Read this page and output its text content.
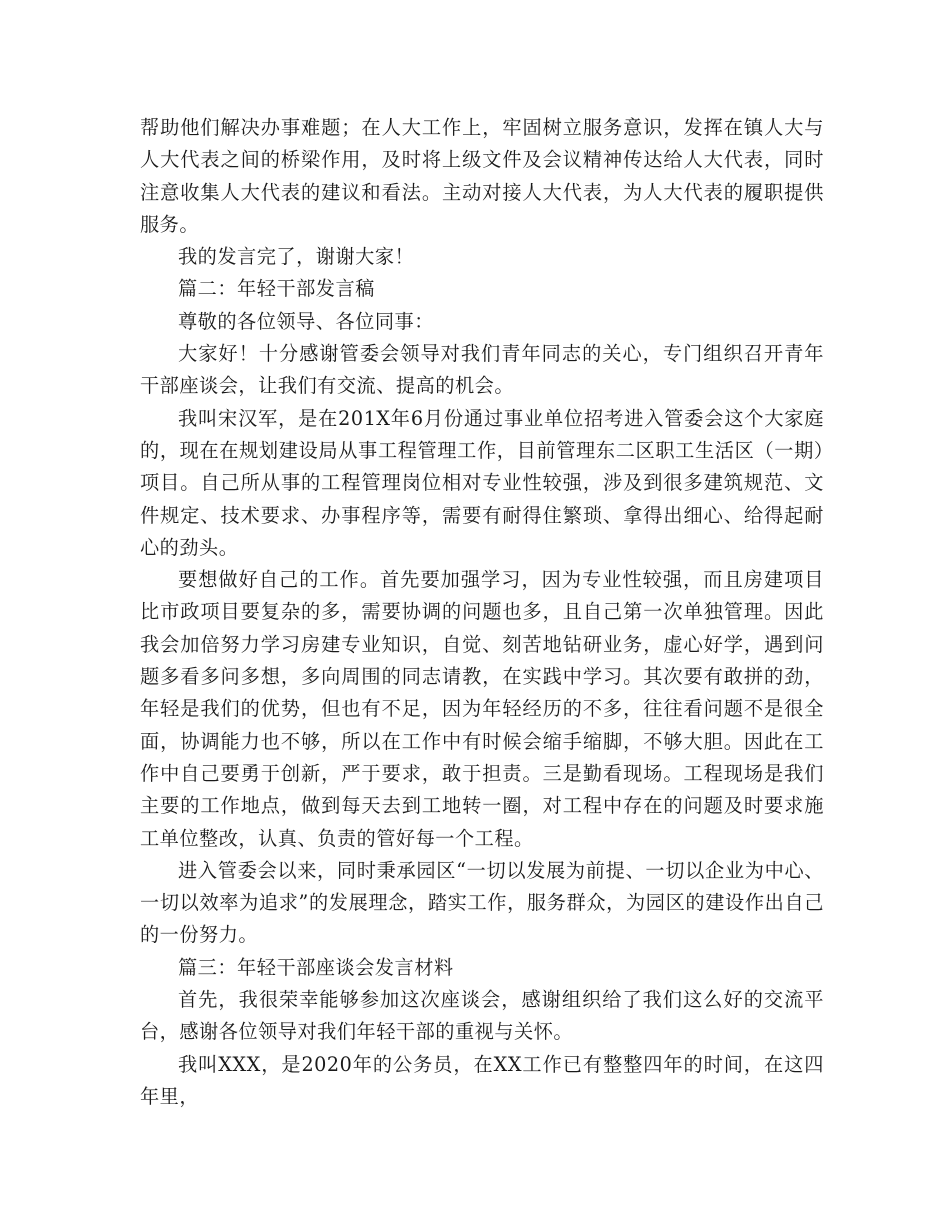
帮助他们解决办事难题；在人大工作上，牢固树立服务意识，发挥在镇人大与人大代表之间的桥梁作用，及时将上级文件及会议精神传达给人大代表，同时注意收集人大代表的建议和看法。主动对接人大代表，为人大代表的履职提供服务。

我的发言完了，谢谢大家！

篇二：年轻干部发言稿

尊敬的各位领导、各位同事：

大家好！十分感谢管委会领导对我们青年同志的关心，专门组织召开青年干部座谈会，让我们有交流、提高的机会。

我叫宋汉军，是在201X年6月份通过事业单位招考进入管委会这个大家庭的，现在在规划建设局从事工程管理工作，目前管理东二区职工生活区（一期）项目。自己所从事的工程管理岗位相对专业性较强，涉及到很多建筑规范、文件规定、技术要求、办事程序等，需要有耐得住繁琐、拿得出细心、给得起耐心的劲头。

要想做好自己的工作。首先要加强学习，因为专业性较强，而且房建项目比市政项目要复杂的多，需要协调的问题也多，且自己第一次单独管理。因此我会加倍努力学习房建专业知识，自觉、刻苦地钻研业务，虚心好学，遇到问题多看多问多想，多向周围的同志请教，在实践中学习。其次要有敢拼的劲，年轻是我们的优势，但也有不足，因为年轻经历的不多，往往看问题不是很全面，协调能力也不够，所以在工作中有时候会缩手缩脚，不够大胆。因此在工作中自己要勇于创新，严于要求，敢于担责。三是勤看现场。工程现场是我们主要的工作地点，做到每天去到工地转一圈，对工程中存在的问题及时要求施工单位整改，认真、负责的管好每一个工程。

进入管委会以来，同时秉承园区“一切以发展为前提、一切以企业为中心、一切以效率为追求”的发展理念，踏实工作，服务群众，为园区的建设作出自己的一份努力。

篇三：年轻干部座谈会发言材料

首先，我很荣幸能够参加这次座谈会，感谢组织给了我们这么好的交流平台，感谢各位领导对我们年轻干部的重视与关怀。

我叫XXX，是2020年的公务员，在XX工作已有整整四年的时间，在这四年里，
